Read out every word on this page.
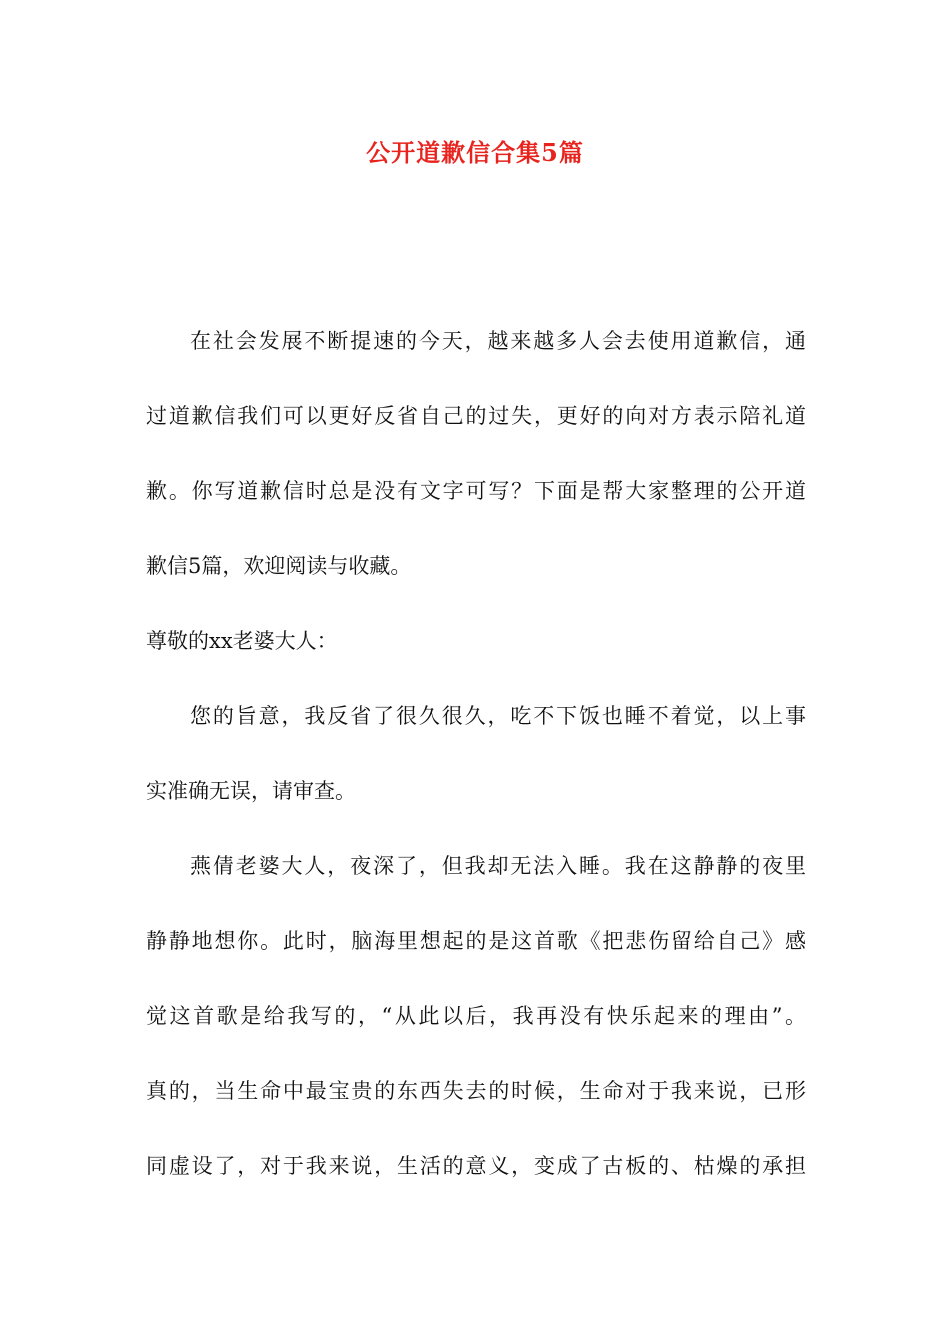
公开道歉信合集5篇
在社会发展不断提速的今天，越来越多人会去使用道歉信，通
过道歉信我们可以更好反省自己的过失，更好的向对方表示陪礼道
歉。你写道歉信时总是没有文字可写？下面是帮大家整理的公开道
歉信5篇，欢迎阅读与收藏。
尊敬的xx老婆大人：
您的旨意，我反省了很久很久，吃不下饭也睡不着觉，以上事
实准确无误，请审查。
燕倩老婆大人，夜深了，但我却无法入睡。我在这静静的夜里
静静地想你。此时，脑海里想起的是这首歌《把悲伤留给自己》感
觉这首歌是给我写的，“从此以后，我再没有快乐起来的理由”。
真的，当生命中最宝贵的东西失去的时候，生命对于我来说，已形
同虚设了，对于我来说，生活的意义，变成了古板的、枯燥的承担
